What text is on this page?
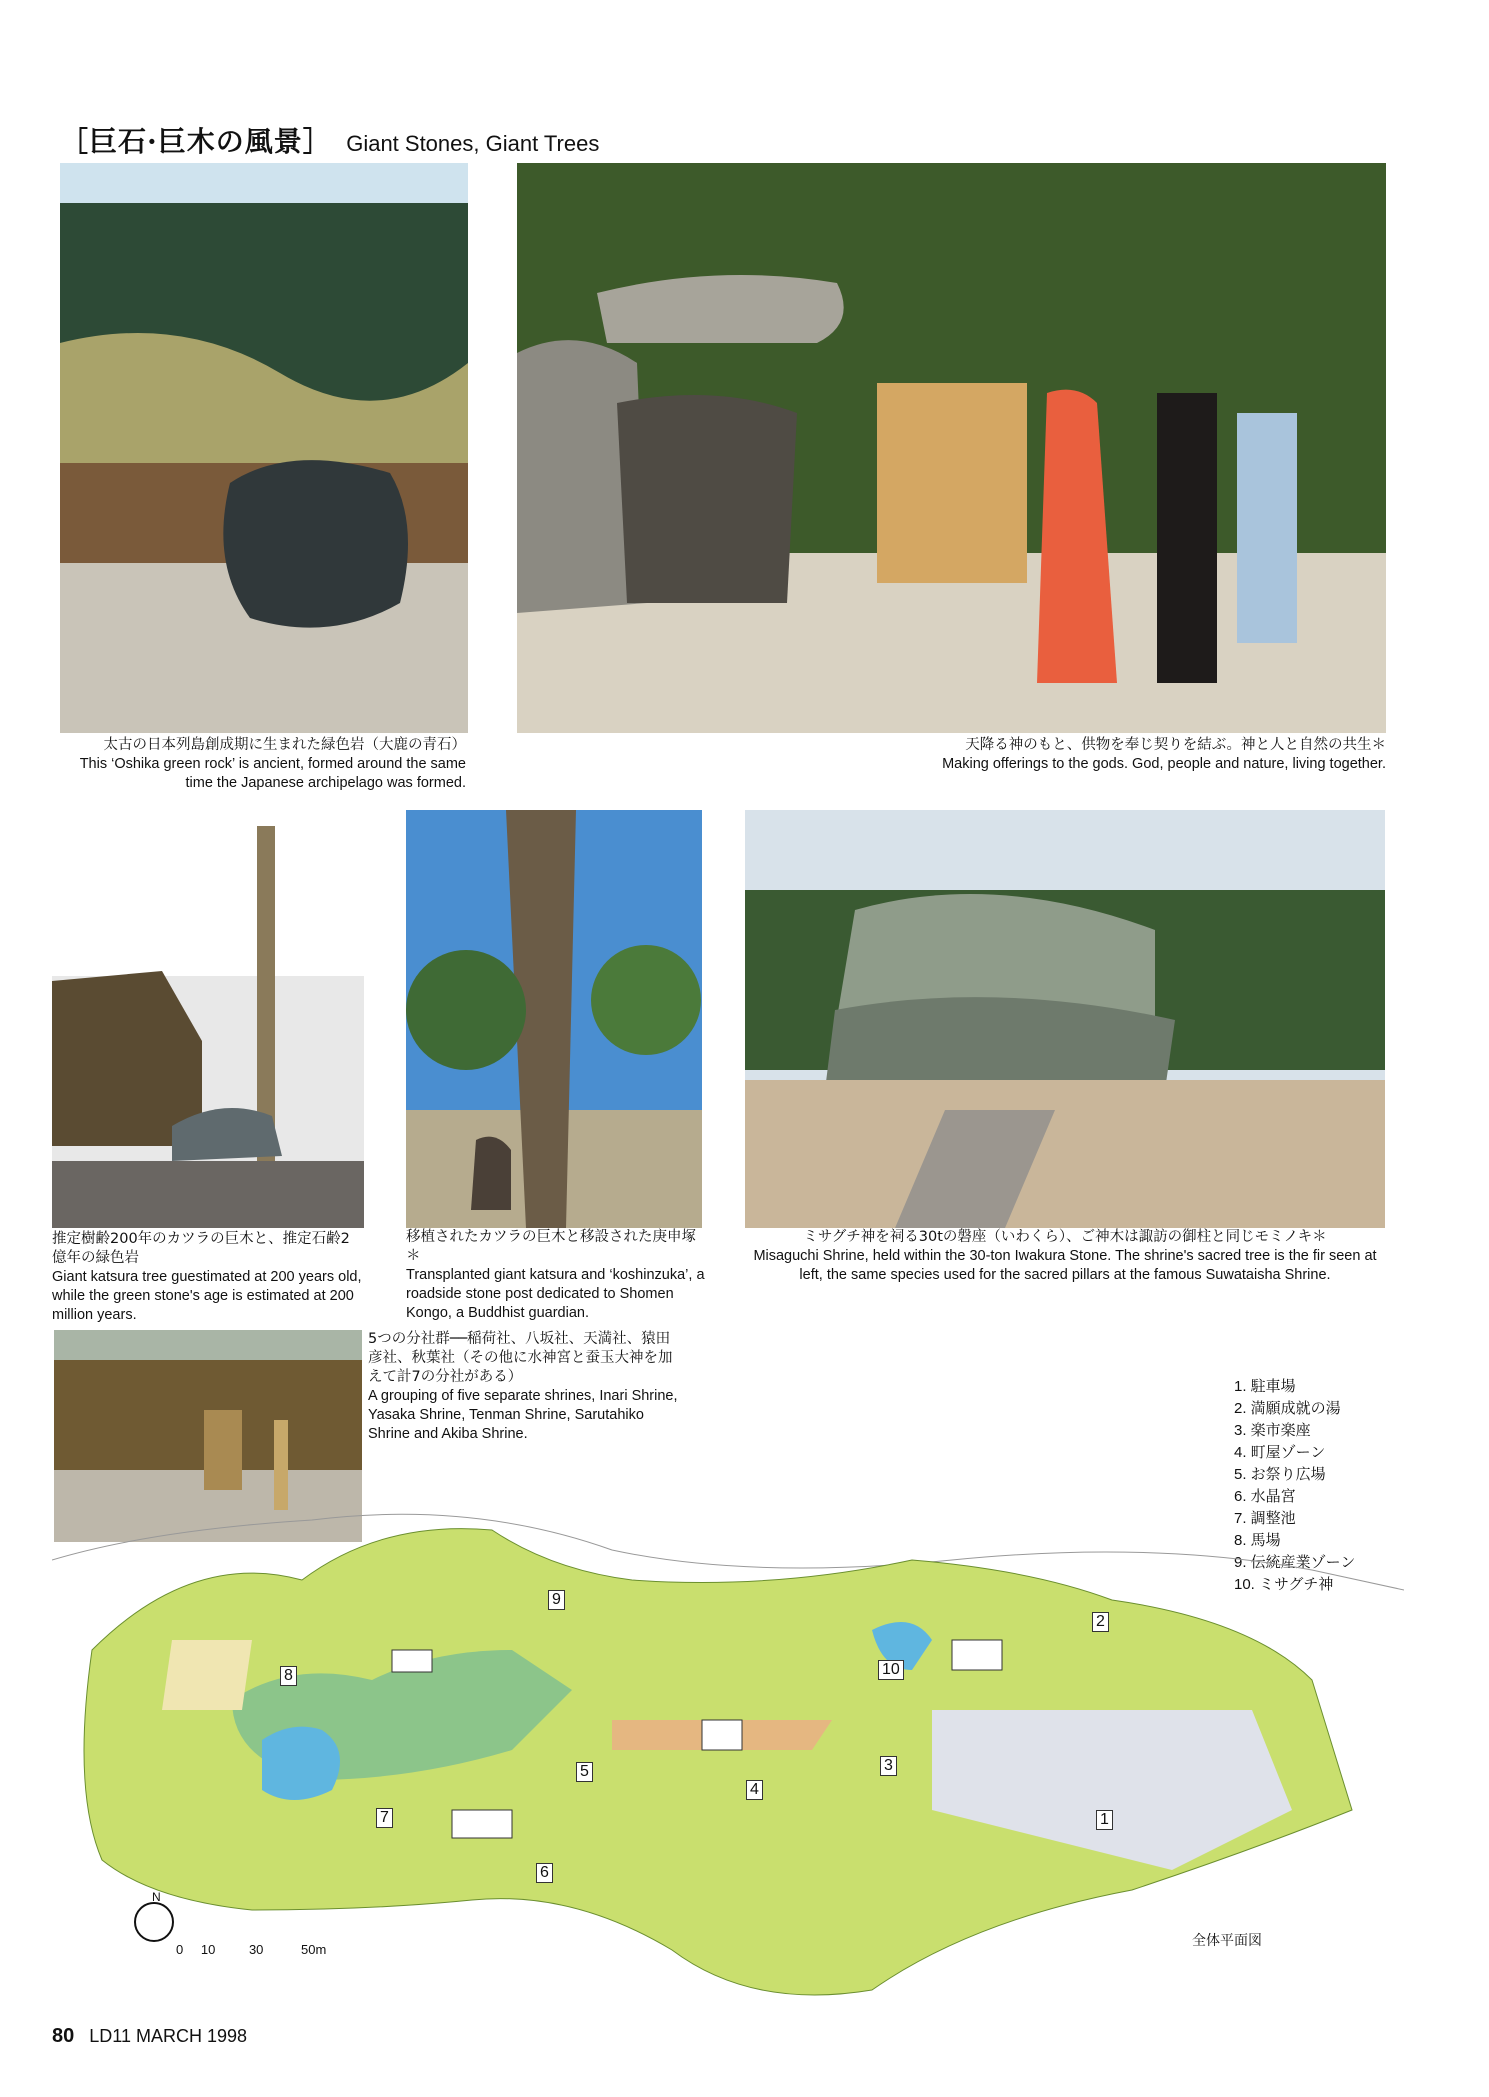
［巨石·巨木の風景］ Giant Stones, Giant Trees
太古の日本列島創成期に生まれた緑色岩（大鹿の青石）
This ‘Oshika green rock’ is ancient, formed around the same time the Japanese archipelago was formed.
天降る神のもと、供物を奉じ契りを結ぶ。神と人と自然の共生＊
Making offerings to the gods. God, people and nature, living together.
推定樹齢200年のカツラの巨木と、推定石齢2億年の緑色岩
Giant katsura tree guestimated at 200 years old, while the green stone's age is estimated at 200 million years.
移植されたカツラの巨木と移設された庚申塚＊
Transplanted giant katsura and ‘koshinzuka’, a roadside stone post dedicated to Shomen Kongo, a Buddhist guardian.
ミサグチ神を祠る30tの磐座（いわくら）、ご神木は諏訪の御柱と同じモミノキ＊
Misaguchi Shrine, held within the 30-ton Iwakura Stone. The shrine's sacred tree is the fir seen at left, the same species used for the sacred pillars at the famous Suwataisha Shrine.
5つの分社群──稲荷社、八坂社、天満社、猿田彦社、秋葉社（その他に水神宮と蚕玉大神を加えて計7の分社がある）
A grouping of five separate shrines, Inari Shrine, Yasaka Shrine, Tenman Shrine, Sarutahiko Shrine and Akiba Shrine.
1. 駐車場
2. 満願成就の湯
3. 楽市楽座
4. 町屋ゾーン
5. お祭り広場
6. 水晶宮
7. 調整池
8. 馬場
9. 伝統産業ゾーン
10. ミサグチ神
1
2
3
4
5
6
7
8
9
10
N
0 10	30	50m
全体平面図
80 LD11 MARCH 1998
